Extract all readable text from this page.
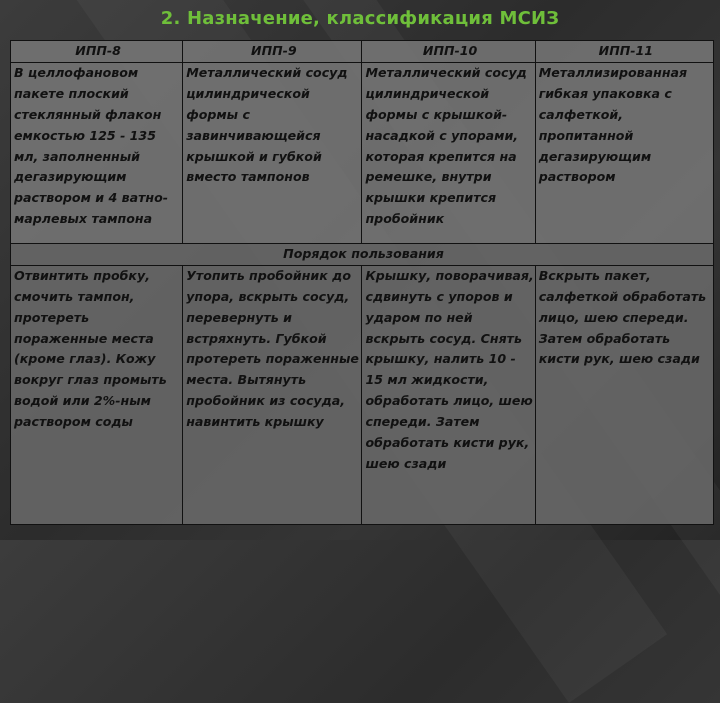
2. Назначение, классификация МСИЗ
ИПП-8	ИПП-9	ИПП-10	ИПП-11
В целлофановом пакете плоский стеклянный флакон емкостью 125 - 135 мл, заполненный дегазирующим раствором и 4 ватно-марлевых тампона	Металлический сосуд цилиндрической формы с завинчивающейся крышкой и губкой вместо тампонов	Металлический сосуд цилиндрической формы с крышкой-насадкой с упорами, которая крепится на ремешке, внутри крышки крепится пробойник	Металлизированная гибкая упаковка с салфеткой, пропитанной дегазирующим раствором
Порядок пользования			
Отвинтить пробку, смочить тампон, протереть пораженные места (кроме глаз). Кожу вокруг глаз промыть водой или 2%-ным раствором соды	Утопить пробойник до упора, вскрыть сосуд, перевернуть и встряхнуть. Губкой протереть пораженные места. Вытянуть пробойник из сосуда, навинтить крышку	Крышку, поворачивая, сдвинуть с упоров и ударом по ней вскрыть сосуд. Снять крышку, налить 10 - 15 мл жидкости, обработать лицо, шею спереди. Затем обработать кисти рук, шею сзади	Вскрыть пакет, салфеткой обработать лицо, шею спереди. Затем обработать кисти рук, шею сзади
